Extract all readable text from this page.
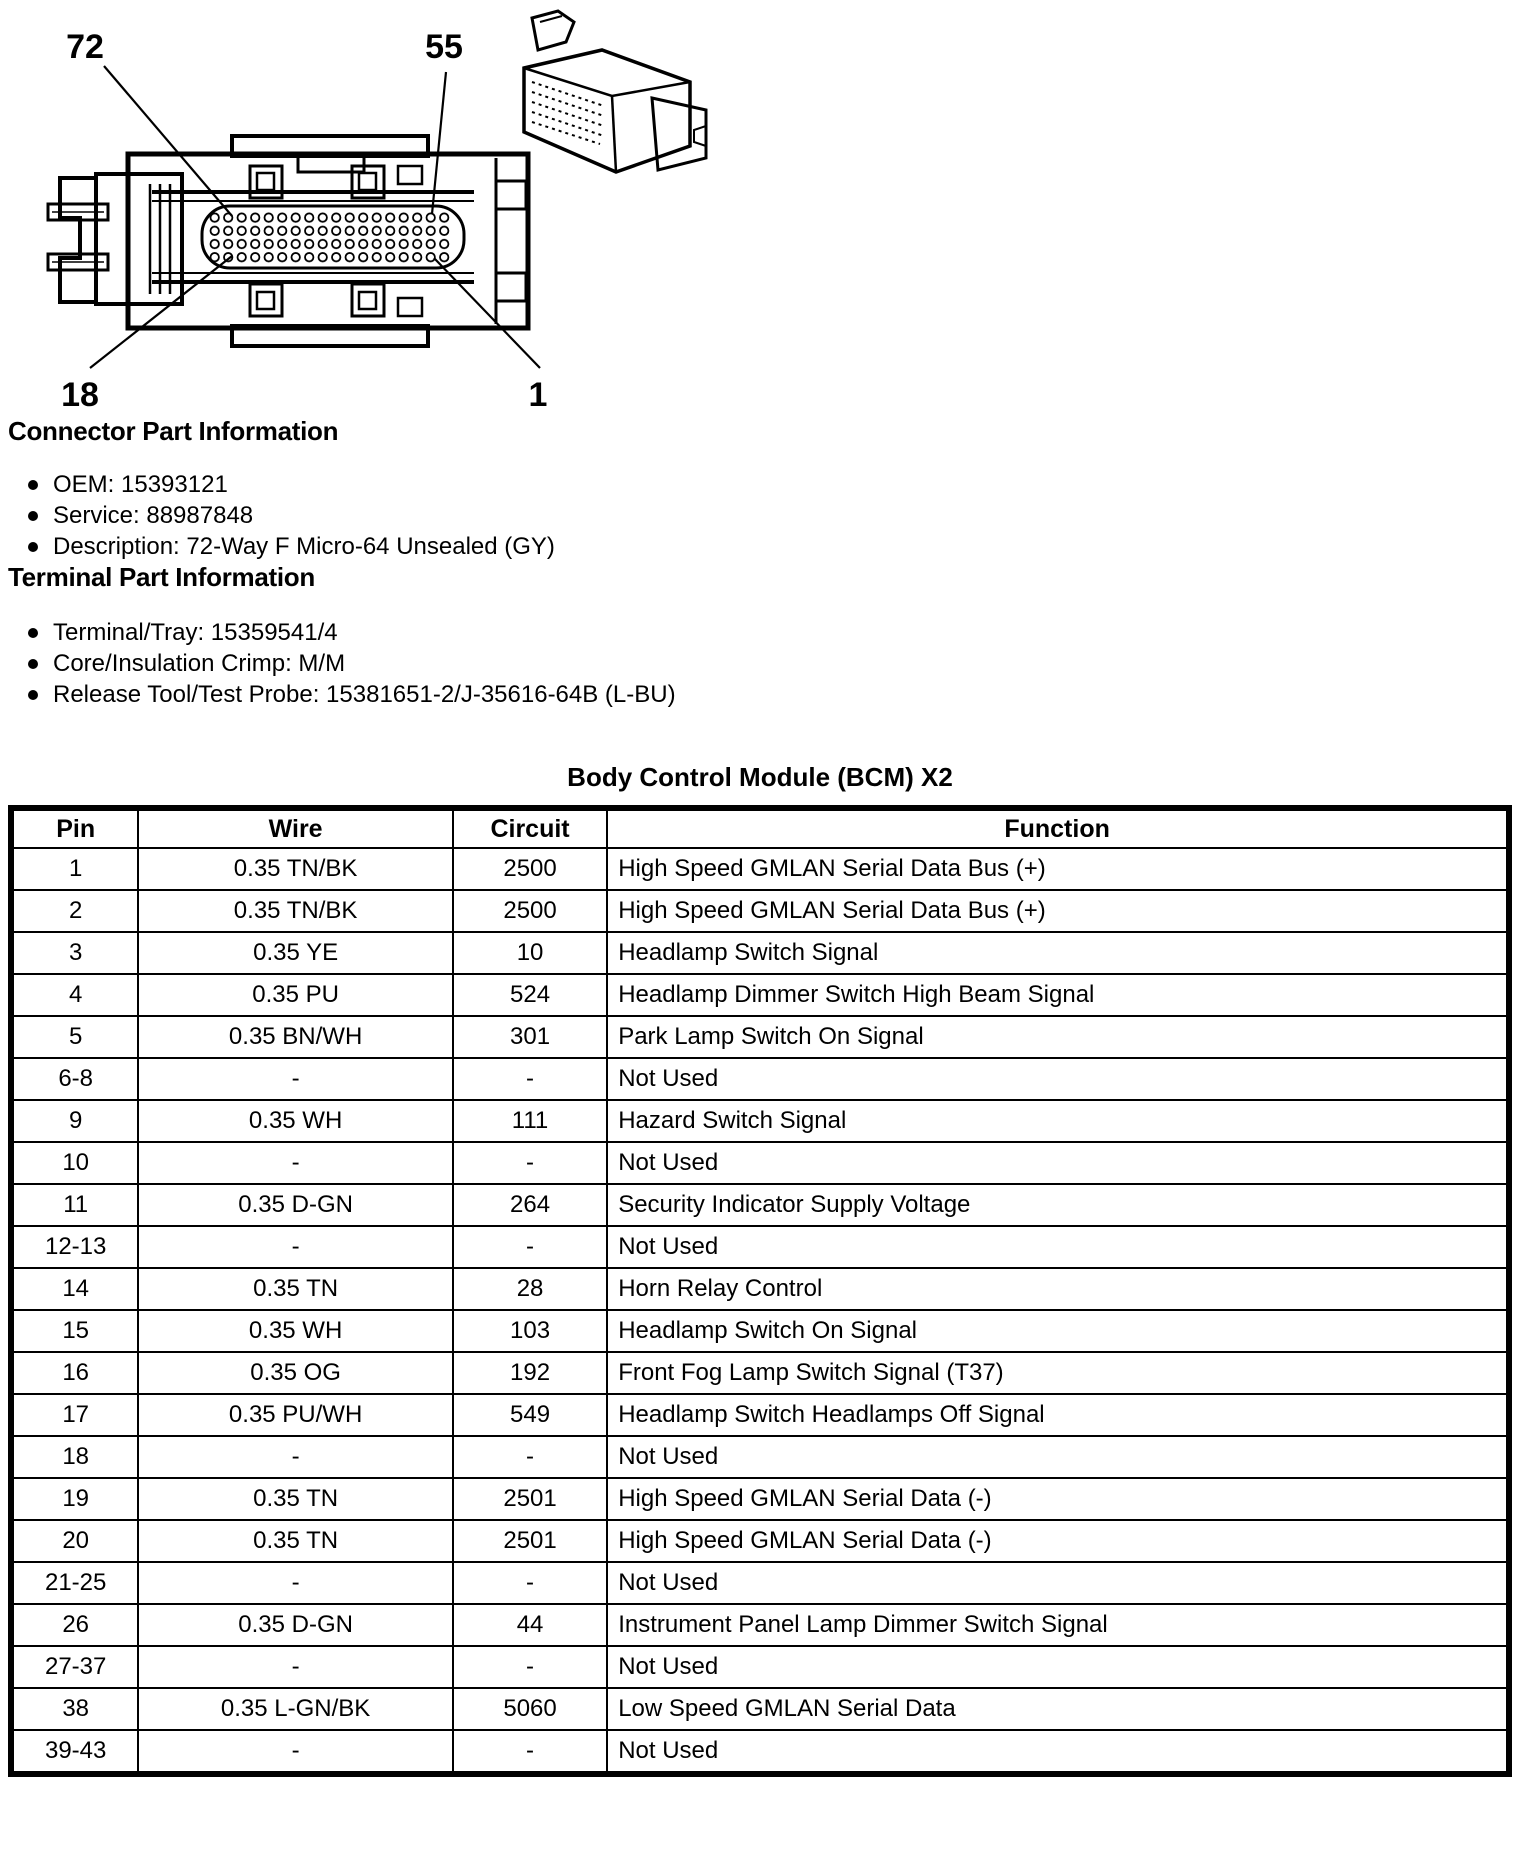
72	55
18	1
Connector Part Information
OEM: 15393121
Service: 88987848
Description: 72-Way F Micro-64 Unsealed (GY)
Terminal Part Information
Terminal/Tray: 15359541/4
Core/Insulation Crimp: M/M
Release Tool/Test Probe: 15381651-2/J-35616-64B (L-BU)
Body Control Module (BCM) X2
Pin	Wire	Circuit	Function
1	0.35 TN/BK	2500	High Speed GMLAN Serial Data Bus (+)
2	0.35 TN/BK	2500	High Speed GMLAN Serial Data Bus (+)
3	0.35 YE	10	Headlamp Switch Signal
4	0.35 PU	524	Headlamp Dimmer Switch High Beam Signal
5	0.35 BN/WH	301	Park Lamp Switch On Signal
6-8	-	-	Not Used
9	0.35 WH	111	Hazard Switch Signal
10	-	-	Not Used
11	0.35 D-GN	264	Security Indicator Supply Voltage
12-13	-	-	Not Used
14	0.35 TN	28	Horn Relay Control
15	0.35 WH	103	Headlamp Switch On Signal
16	0.35 OG	192	Front Fog Lamp Switch Signal (T37)
17	0.35 PU/WH	549	Headlamp Switch Headlamps Off Signal
18	-	-	Not Used
19	0.35 TN	2501	High Speed GMLAN Serial Data (-)
20	0.35 TN	2501	High Speed GMLAN Serial Data (-)
21-25	-	-	Not Used
26	0.35 D-GN	44	Instrument Panel Lamp Dimmer Switch Signal
27-37	-	-	Not Used
38	0.35 L-GN/BK	5060	Low Speed GMLAN Serial Data
39-43	-	-	Not Used
